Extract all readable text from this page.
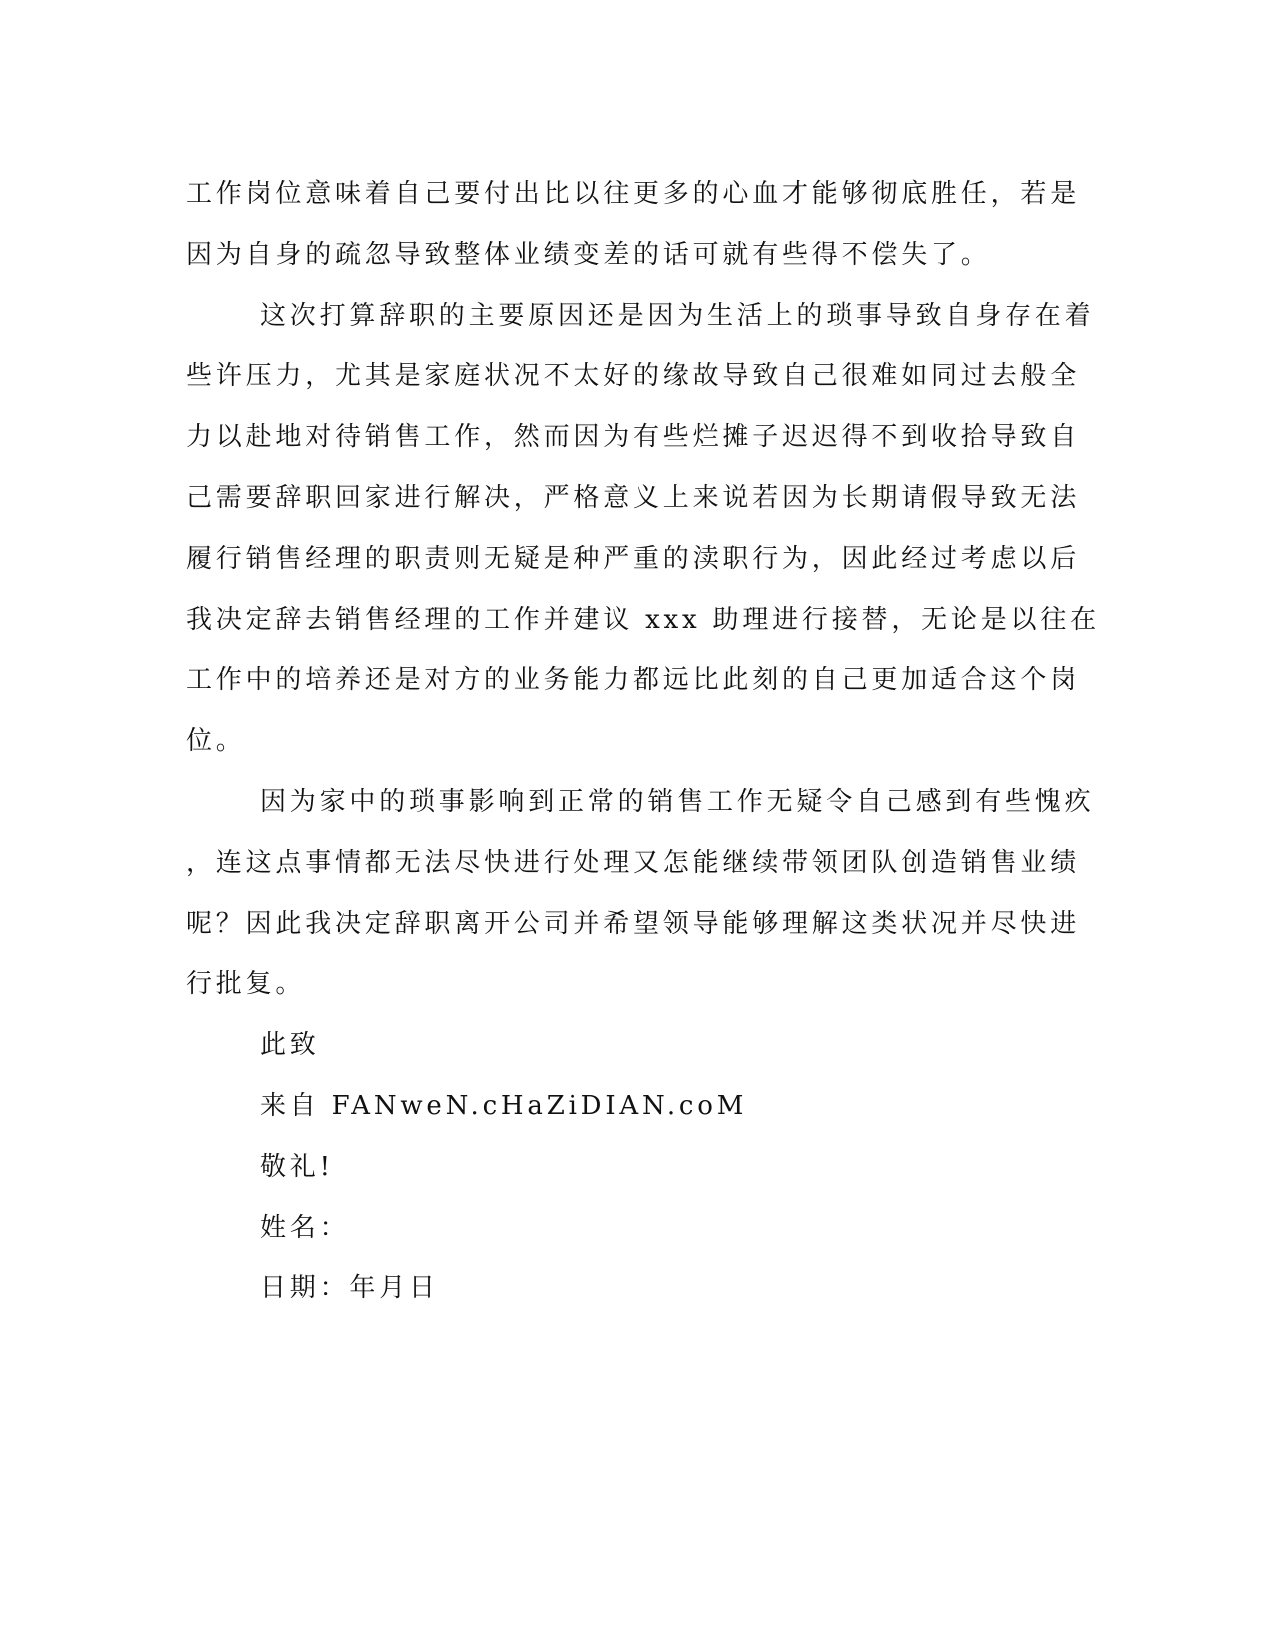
工作岗位意味着自己要付出比以往更多的心血才能够彻底胜任，若是
因为自身的疏忽导致整体业绩变差的话可就有些得不偿失了。
这次打算辞职的主要原因还是因为生活上的琐事导致自身存在着
些许压力，尤其是家庭状况不太好的缘故导致自己很难如同过去般全
力以赴地对待销售工作，然而因为有些烂摊子迟迟得不到收拾导致自
己需要辞职回家进行解决，严格意义上来说若因为长期请假导致无法
履行销售经理的职责则无疑是种严重的渎职行为，因此经过考虑以后
我决定辞去销售经理的工作并建议 xxx 助理进行接替，无论是以往在
工作中的培养还是对方的业务能力都远比此刻的自己更加适合这个岗
位。
因为家中的琐事影响到正常的销售工作无疑令自己感到有些愧疚
，连这点事情都无法尽快进行处理又怎能继续带领团队创造销售业绩
呢？因此我决定辞职离开公司并希望领导能够理解这类状况并尽快进
行批复。
此致
来自 FANweN.cHaZiDIAN.coM
敬礼!
姓名：
日期：年月日
